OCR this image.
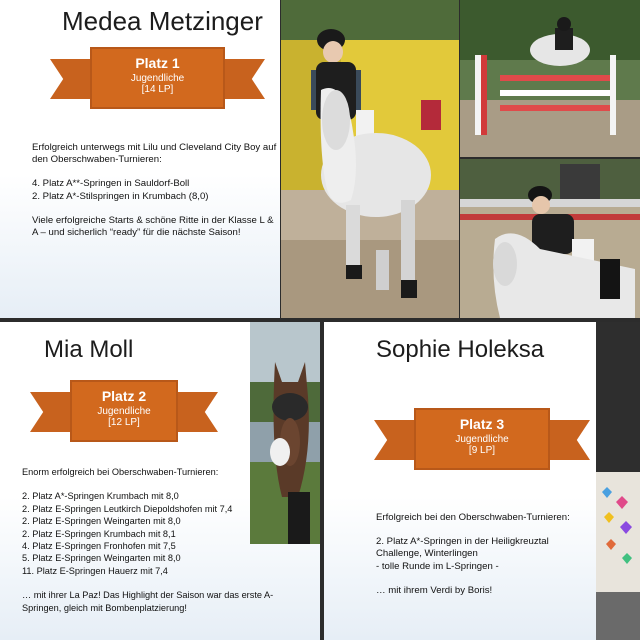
Medea Metzinger
Platz 1
Jugendliche
[14 LP]

Erfolgreich unterwegs mit Lilu und Cleveland City Boy auf den Oberschwaben-Turnieren:

4. Platz A**-Springen in Sauldorf-Boll

2. Platz A*-Stilspringen in Krumbach (8,0)

Viele erfolgreiche Starts & schöne Ritte in der Klasse L & A – und sicherlich “ready” für die nächste Saison!

Mia Moll
Platz 2
Jugendliche
[12 LP]

Enorm erfolgreich bei Oberschwaben-Turnieren:

2. Platz A*-Springen Krumbach mit 8,0

2. Platz E-Springen Leutkirch Diepoldshofen mit 7,4

2. Platz E-Springen Weingarten mit 8,0

2. Platz E-Springen Krumbach mit 8,1

4. Platz E-Springen Fronhofen mit 7,5

5. Platz E-Springen Weingarten mit 8,0

11. Platz E-Springen Hauerz mit 7,4

… mit ihrer La Paz! Das Highlight der Saison war das erste A-Springen, gleich mit Bombenplatzierung!

Sophie Holeksa
Platz 3
Jugendliche
[9 LP]

Erfolgreich bei den Oberschwaben-Turnieren:

2. Platz A*-Springen in der Heiligkreuztal Challenge, Winterlingen

- tolle Runde im L-Springen -

… mit ihrem Verdi by Boris!
